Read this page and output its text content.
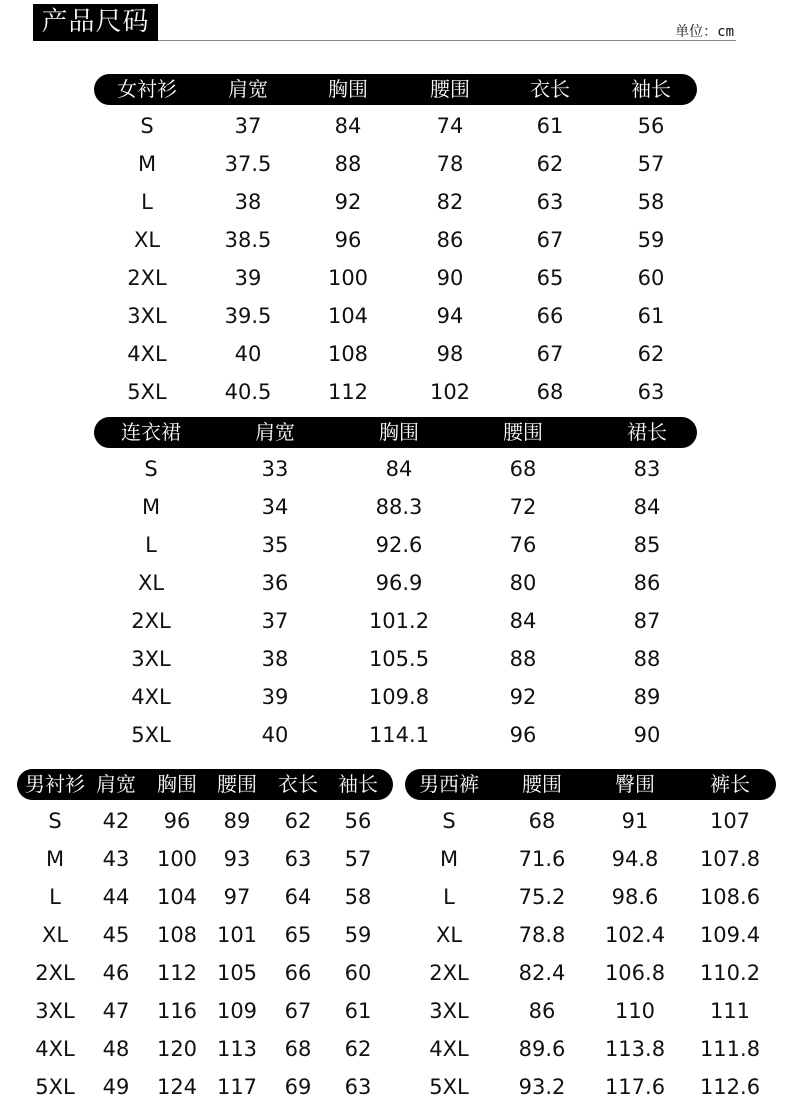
产品尺码	单位：cm
女衬衫	肩宽	胸围	腰围	衣长	袖长
S	37	84	74	61	56
M	37.5	88	78	62	57
L	38	92	82	63	58
XL	38.5	96	86	67	59
2XL	39	100	90	65	60
3XL	39.5	104	94	66	61
4XL	40	108	98	67	62
5XL	40.5	112	102	68	63
连衣裙	肩宽	胸围	腰围	裙长
S	33	84	68	83
M	34	88.3	72	84
L	35	92.6	76	85
XL	36	96.9	80	86
2XL	37	101.2	84	87
3XL	38	105.5	88	88
4XL	39	109.8	92	89
5XL	40	114.1	96	90
男衬衫 肩宽 胸围 腰围 衣长 袖长
S 42 96 89 62 56
M 43 100 93 63 57
L 44 104 97 64 58
XL 45 108 101 65 59
2XL 46 112 105 66 60
3XL 47 116 109 67 61
4XL 48 120 113 68 62
5XL 49 124 117 69 63
男西裤 腰围	臀围	裤长
S	68	91	107
M	71.6 94.8 107.8
L	75.2 98.6 108.6
XL	78.8 102.4 109.4
2XL 82.4 106.8 110.2
3XL	86	110	111
4XL 89.6 113.8 111.8
5XL 93.2 117.6 112.6
